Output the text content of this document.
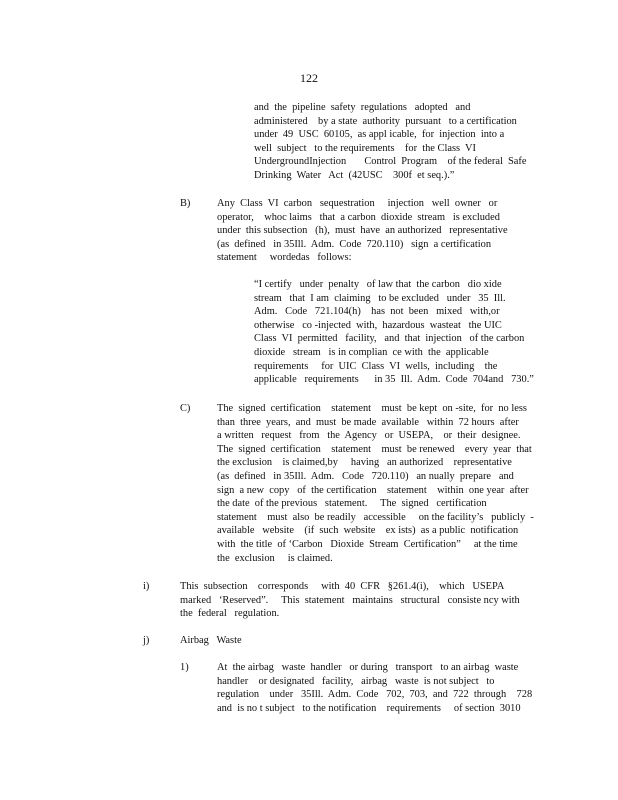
122
and  the  pipeline  safety  regulations   adopted   and
administered    by a state  authority  pursuant   to a certification
under  49  USC  60105,  as appl icable,  for  injection  into a
well  subject   to the requirements    for  the Class  VI
UndergroundInjection       Control  Program    of the federal  Safe
Drinking  Water   Act  (42USC    300f  et seq.).”
B)	Any  Class  VI  carbon   sequestration     injection   well  owner   or
operator,    whoc laims   that  a carbon  dioxide  stream   is excluded
under  this subsection   (h),  must  have  an authorized   representative
(as  defined   in 35Ill.  Adm.  Code  720.110)   sign  a certification
statement     wordedas   follows:
“I certify   under  penalty   of law that  the carbon   dio xide
stream   that  I am  claiming   to be excluded   under   35  Ill.
Adm.   Code   721.104(h)    has  not  been   mixed   with,or
otherwise   co -injected  with,  hazardous  wasteat   the UIC
Class  VI  permitted   facility,   and  that  injection   of the carbon
dioxide   stream   is in complian  ce with  the  applicable
requirements     for  UIC  Class  VI  wells,  including    the
applicable   requirements      in 35  Ill.  Adm.  Code  704and   730.”
C)	The  signed  certification    statement    must  be kept  on -site,  for  no less
than  three  years,  and  must  be made  available   within  72 hours  after
a written   request   from   the  Agency   or  USEPA,    or  their  designee.
The  signed  certification    statement    must  be renewed    every  year  that
the exclusion    is claimed,by     having   an authorized    representative
(as  defined   in 35Ill.  Adm.   Code   720.110)   an nually  prepare   and
sign  a new  copy   of  the certification    statement    within  one year  after
the date  of the previous   statement.     The  signed   certification
statement    must  also  be readily   accessible     on the facility’s   publicly  -
available   website    (if  such  website    ex ists)  as a public  notification
with  the title  of ‘Carbon   Dioxide  Stream  Certification”     at the time
the  exclusion     is claimed.
i)	This  subsection    corresponds     with  40  CFR   §261.4(i),    which   USEPA
marked   ‘Reserved”.     This  statement   maintains   structural   consiste ncy with
the  federal   regulation.
j)	Airbag   Waste
1)	At  the airbag   waste  handler   or during   transport   to an airbag  waste
handler    or designated   facility,   airbag   waste  is not subject   to
regulation    under   35Ill.  Adm.  Code   702,  703,  and  722  through    728
and  is no t subject   to the notification    requirements     of section  3010
